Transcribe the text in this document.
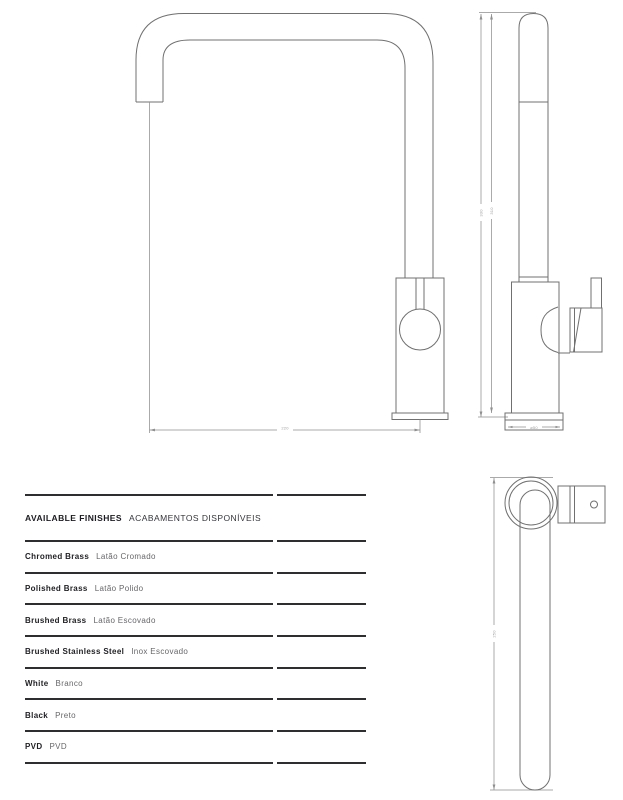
220
330 310
ø50
250
AVAILABLE FINISHES ACABAMENTOS DISPONÍVEIS
Chromed Brass Latão Cromado
Polished Brass Latão Polido
Brushed Brass Latão Escovado
Brushed Stainless Steel Inox Escovado
White Branco
Black Preto
PVD PVD
